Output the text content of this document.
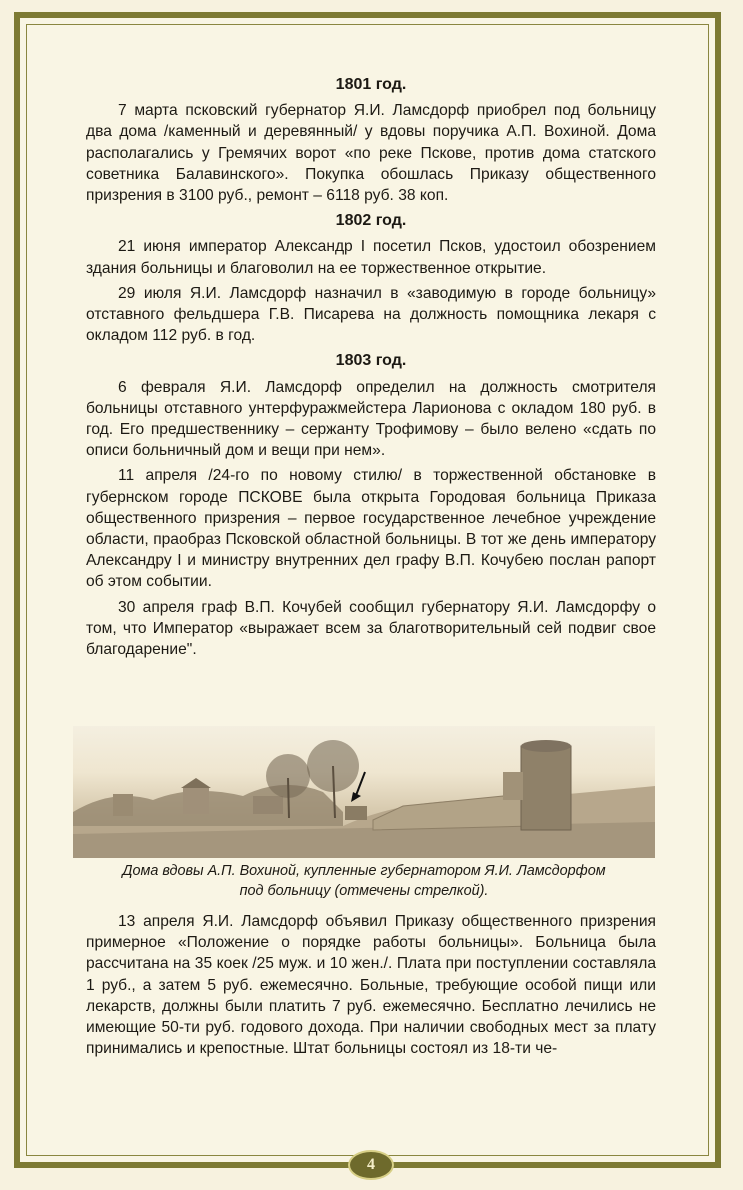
1801 год.

7 марта псковский губернатор Я.И. Ламсдорф приобрел под больницу два дома /каменный и деревянный/ у вдовы поручика А.П. Вохиной. Дома располагались у Гремячих ворот «по реке Пскове, против дома статского советника Балавинского». Покупка обошлась Приказу общественного призрения в 3100 руб., ремонт – 6118 руб. 38 коп.

1802 год.

21 июня император Александр I посетил Псков, удостоил обозрением здания больницы и благоволил на ее торжественное открытие.

29 июля Я.И. Ламсдорф назначил в «заводимую в городе больницу» отставного фельдшера Г.В. Писарева на должность помощника лекаря с окладом 112 руб. в год.

1803 год.

6 февраля Я.И. Ламсдорф определил на должность смотрителя больницы отставного унтерфуражмейстера Ларионова с окладом 180 руб. в год. Его предшественнику – сержанту Трофимову – было велено «сдать по описи больничный дом и вещи при нем».

11 апреля /24-го по новому стилю/ в торжественной обстановке в губернском городе ПСКОВЕ была открыта Городовая больница Приказа общественного призрения – первое государственное лечебное учреждение области, праобраз Псковской областной больницы. В тот же день императору Александру I и министру внутренних дел графу В.П. Кочубею послан рапорт об этом событии.

30 апреля граф В.П. Кочубей сообщил губернатору Я.И. Ламсдорфу о том, что Император «выражает всем за благотворительный сей подвиг свое благодарение".

Дома вдовы А.П. Вохиной, купленные губернатором Я.И. Ламсдорфом
под больницу (отмечены стрелкой).

13 апреля Я.И. Ламсдорф объявил Приказу общественного призрения примерное «Положение о порядке работы больницы». Больница была рассчитана на 35 коек /25 муж. и 10 жен./. Плата при поступлении составляла 1 руб., а затем 5 руб. ежемесячно. Больные, требующие особой пищи или лекарств, должны были платить 7 руб. ежемесячно. Бесплатно лечились не имеющие 50-ти руб. годового дохода. При наличии свободных мест за плату принимались и крепостные. Штат больницы состоял из 18-ти че-

4
